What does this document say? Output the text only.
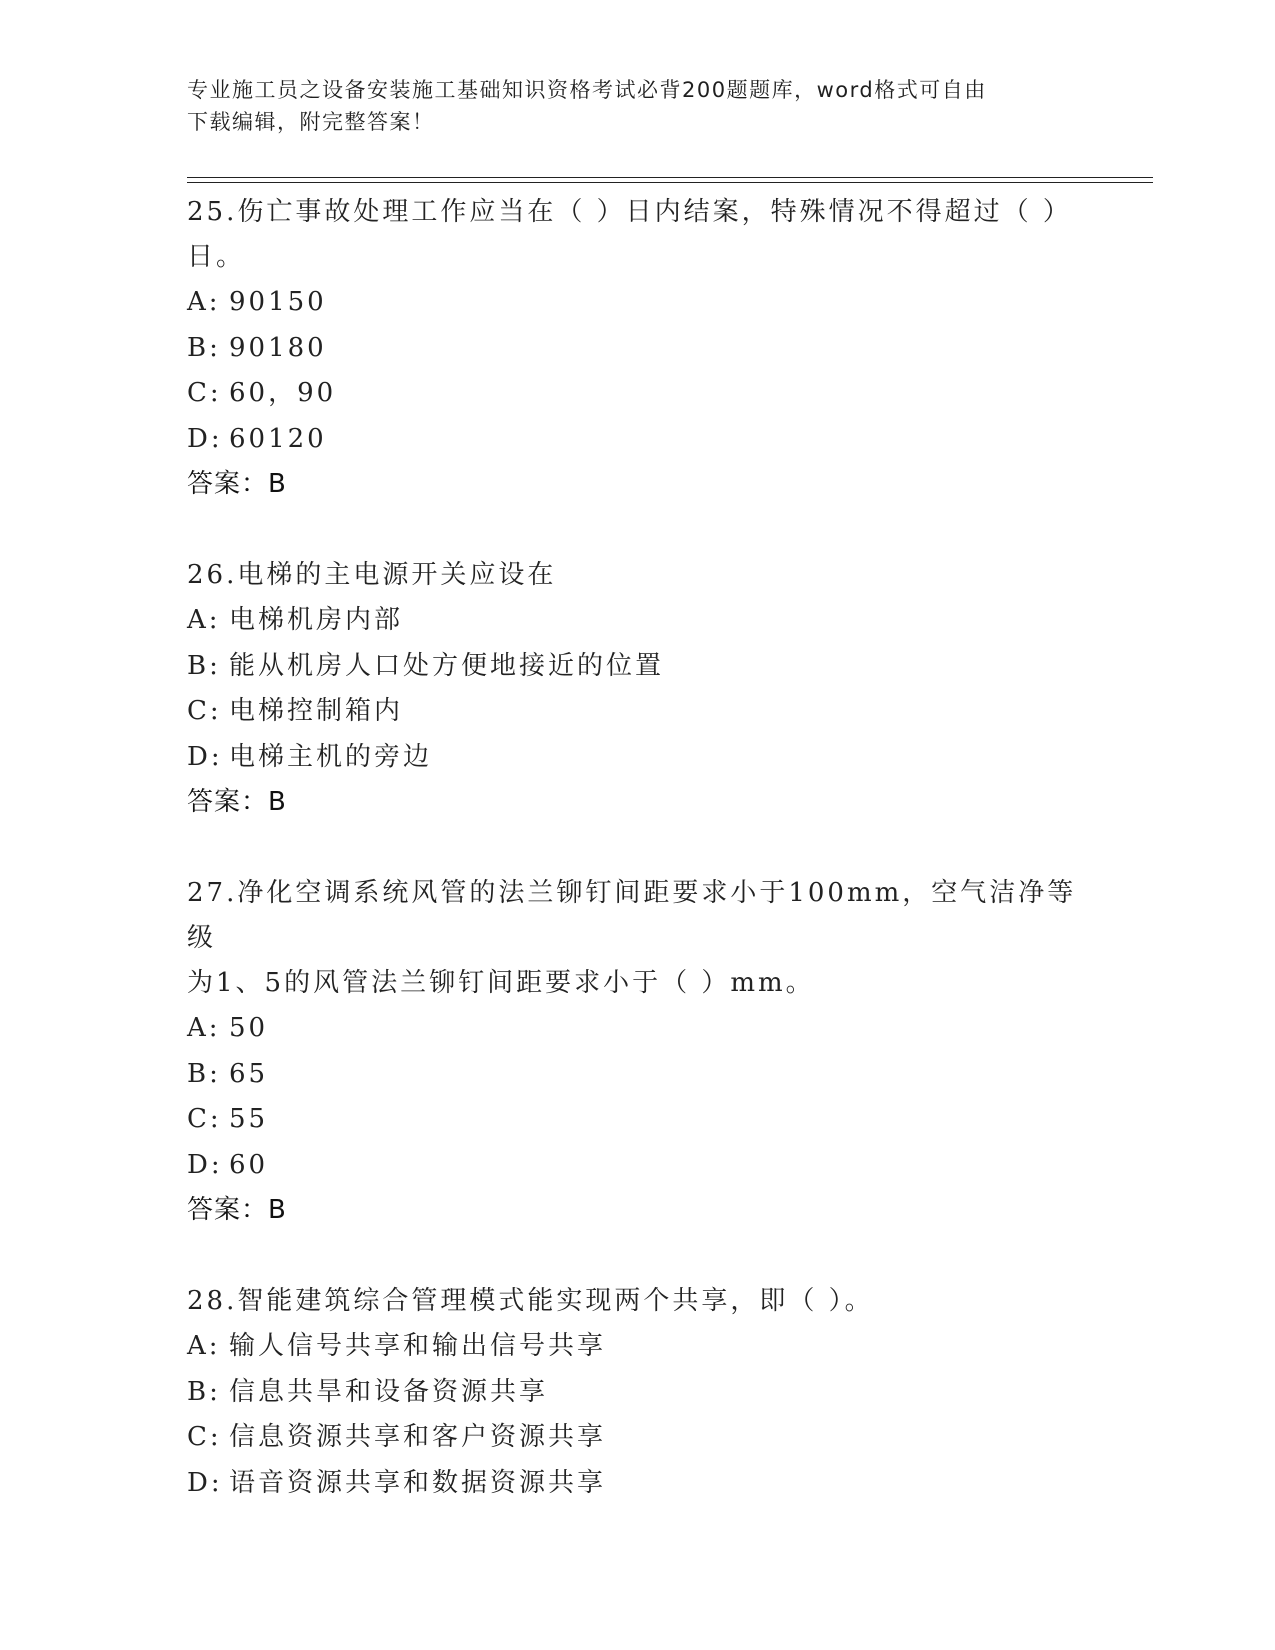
专业施工员之设备安装施工基础知识资格考试必背200题题库，word格式可自由
下载编辑，附完整答案！
25.伤亡事故处理工作应当在（ ）日内结案，特殊情况不得超过（ ）
日。
A: 90150
B: 90180
C: 60，90
D: 60120
答案：B
26.电梯的主电源开关应设在
A: 电梯机房内部
B: 能从机房人口处方便地接近的位置
C: 电梯控制箱内
D: 电梯主机的旁边
答案：B
27.净化空调系统风管的法兰铆钉间距要求小于100mm，空气洁净等级
为1、5的风管法兰铆钉间距要求小于（ ）mm。
A: 50
B: 65
C: 55
D: 60
答案：B
28.智能建筑综合管理模式能实现两个共享，即（ ）。
A: 输人信号共享和输出信号共享
B: 信息共旱和设备资源共享
C: 信息资源共享和客户资源共享
D: 语音资源共享和数据资源共享
